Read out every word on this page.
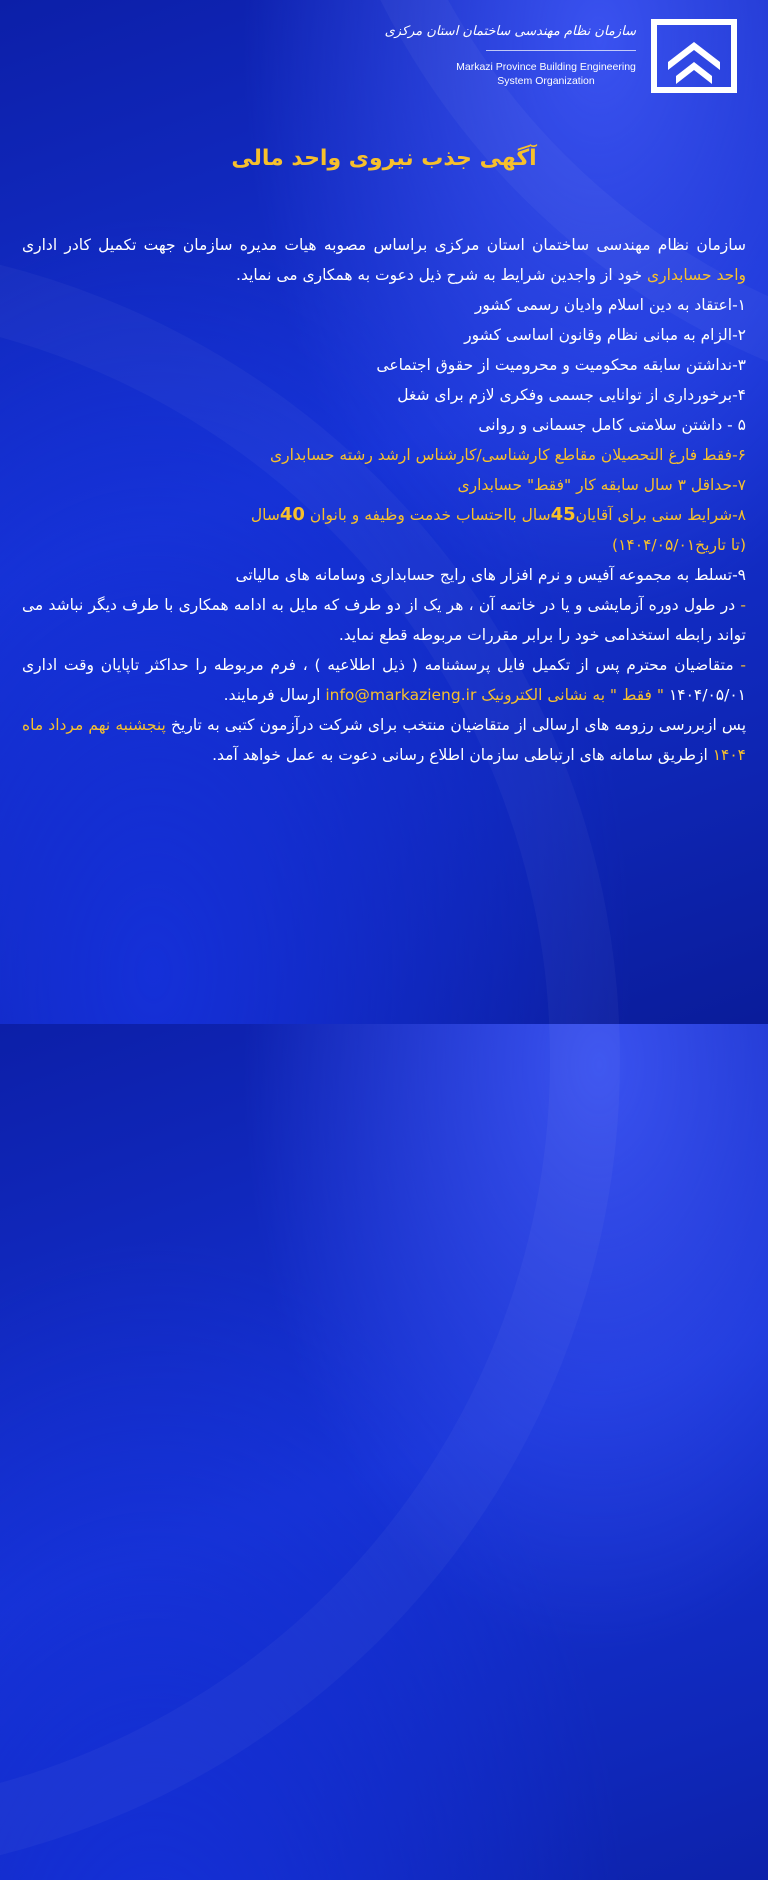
سازمان نظام مهندسی ساختمان استان مرکزی
Markazi Province Building Engineering
System Organization
آگهی جذب نیروی واحد مالی

سازمان نظام مهندسی ساختمان استان مرکزی براساس مصوبه هیات مدیره سازمان جهت تکمیل کادر اداری واحد حسابداری خود از واجدین شرایط به شرح ذیل دعوت به همکاری می نماید.

۱-اعتقاد به دین اسلام وادیان رسمی کشور

۲-الزام به مبانی نظام وقانون اساسی کشور

۳-نداشتن سابقه محکومیت و محرومیت از حقوق اجتماعی

۴-برخورداری از توانایی جسمی وفکری لازم برای شغل

۵ - داشتن سلامتی کامل جسمانی و روانی

۶-فقط فارغ التحصیلان مقاطع کارشناسی/کارشناس ارشد رشته حسابداری

۷-حداقل ۳ سال سابقه کار "فقط" حسابداری

۸-شرایط سنی برای آقایان45سال بااحتساب خدمت وظیفه و بانوان 40سال
(تا تاریخ۱۴۰۴/۰۵/۰۱)

۹-تسلط به مجموعه آفیس و نرم افزار های رایج حسابداری وسامانه های مالیاتی

- در طول دوره آزمایشی و یا در خاتمه آن ، هر یک از دو طرف که مایل به ادامه همکاری با طرف دیگر نباشد می تواند رابطه استخدامی خود را برابر مقررات مربوطه قطع نماید.

- متقاضیان محترم پس از تکمیل فایل پرسشنامه ( ذیل اطلاعیه ) ، فرم مربوطه را حداکثر تاپایان وقت اداری ۱۴۰۴/۰۵/۰۱ " فقط " به نشانی الکترونیک info@markazieng.ir ارسال فرمایند.

پس ازبررسی رزومه های ارسالی از متقاضیان منتخب برای شرکت درآزمون کتبی به تاریخ پنجشنبه نهم مرداد ماه ۱۴۰۴ ازطریق سامانه های ارتباطی سازمان اطلاع رسانی دعوت به عمل خواهد آمد.
